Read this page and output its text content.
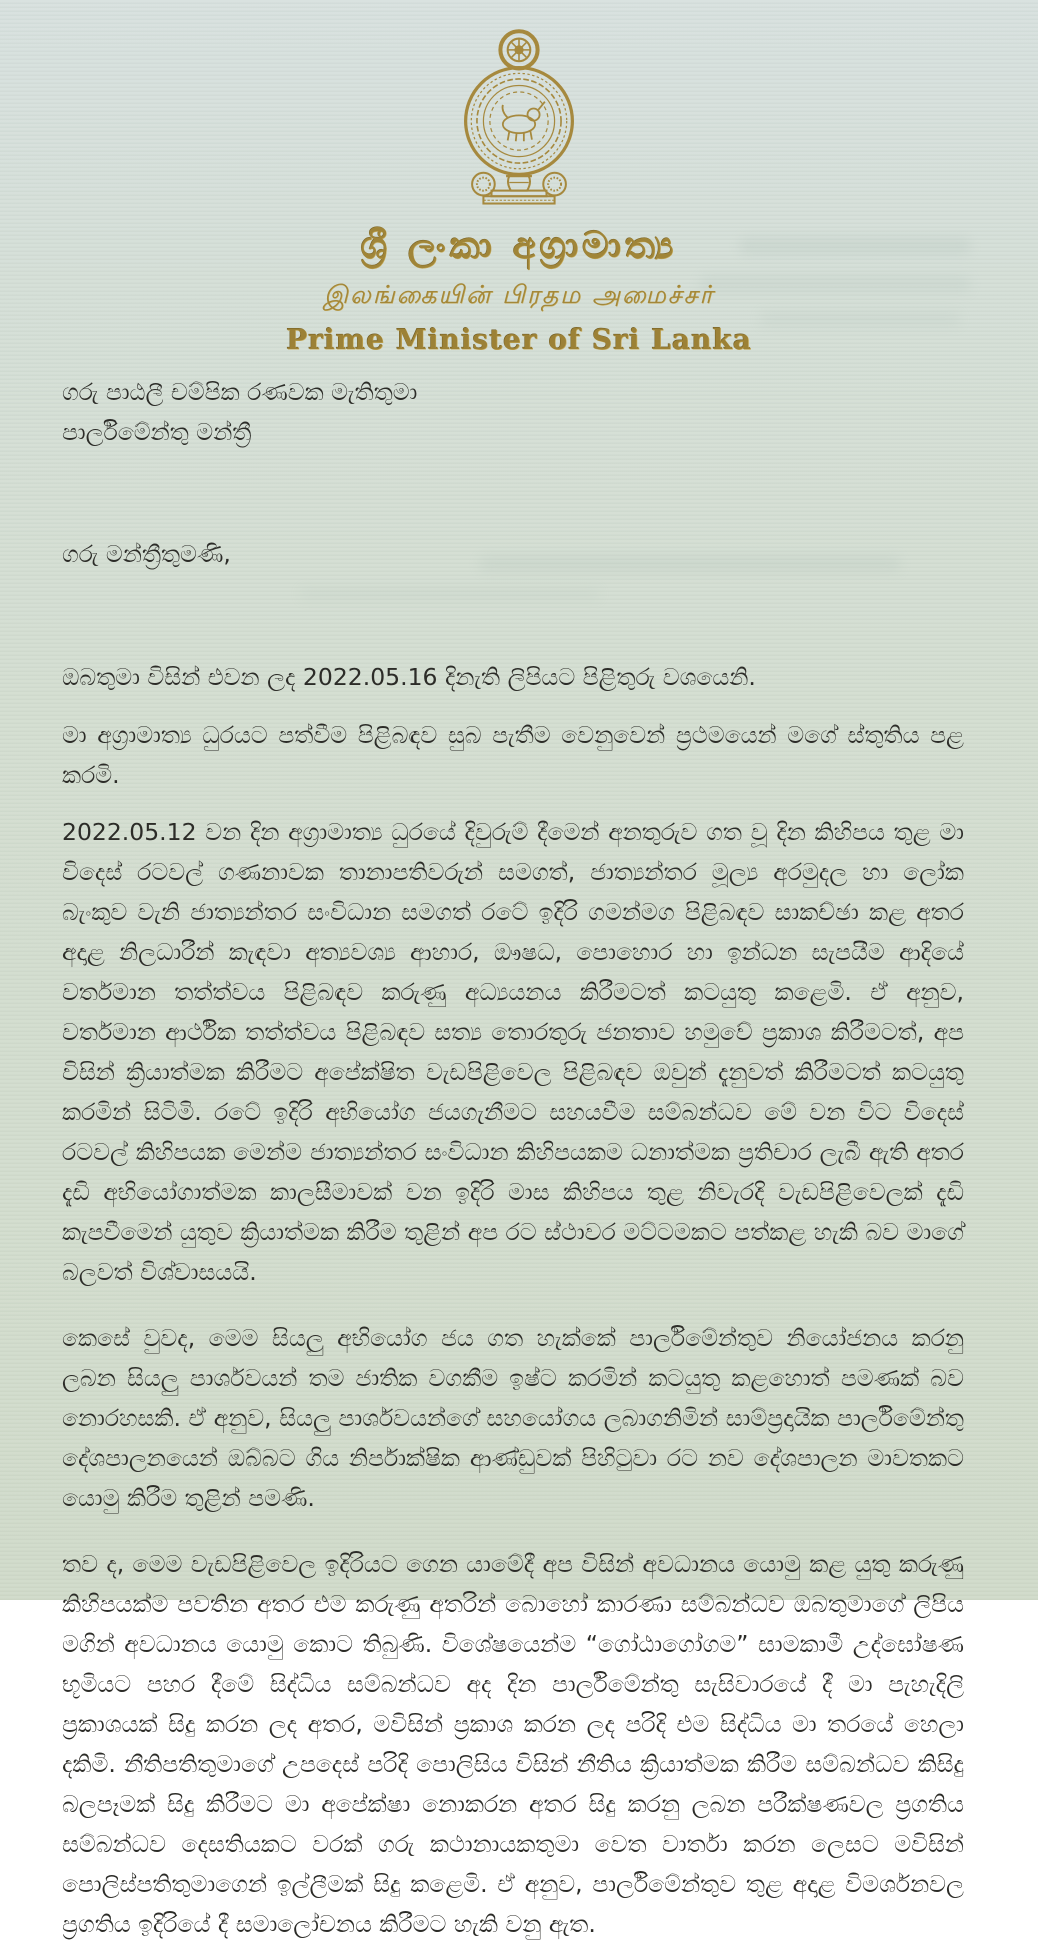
ශ්‍රී ලංකා අග්‍රාමාත්‍ය
இலங்கையின் பிரதம அமைச்சர்
Prime Minister of Sri Lanka
ගරු පාඨලී චම්පික රණවක මැතිතුමා
පාර්ලිමේන්තු මන්ත්‍රී
ගරු මන්ත්‍රීතුමණි,

ඔබතුමා විසින් එවන ලද 2022.05.16 දිනැති ලිපියට පිළිතුරු වශයෙනි.

මා අග්‍රාමාත්‍ය ධුරයට පත්වීම පිළිබඳව සුබ පැතීම වෙනුවෙන් ප්‍රථමයෙන් මගේ ස්තුතිය පළ කරමි.

2022.05.12 වන දින අග්‍රාමාත්‍ය ධුරයේ දිවුරුම් දීමෙන් අනතුරුව ගත වූ දින කිහිපය තුළ මා විදෙස් රටවල් ගණනාවක තානාපතිවරුන් සමගත්, ජාත්‍යන්තර මූල්‍ය අරමුදල හා ලෝක බැංකුව වැනි ජාත්‍යන්තර සංවිධාන සමගත් රටේ ඉදිරි ගමන්මග පිළිබඳව සාකච්ඡා කළ අතර අදාළ නිලධාරීන් කැඳවා අත්‍යවශ්‍ය ආහාර, ඖෂධ, පොහොර හා ඉන්ධන සැපයීම ආදියේ වර්තමාන තත්ත්වය පිළිබඳව කරුණු අධ්‍යයනය කිරීමටත් කටයුතු කළෙමි. ඒ අනුව, වර්තමාන ආර්ථික තත්ත්වය පිළිබඳව සත්‍ය තොරතුරු ජනතාව හමුවේ ප්‍රකාශ කිරීමටත්, අප විසින් ක්‍රියාත්මක කිරීමට අපේක්ෂිත වැඩපිළිවෙල පිළිබඳව ඔවුන් දැනුවත් කිරීමටත් කටයුතු කරමින් සිටිමි. රටේ ඉදිරි අභියෝග ජයගැනීමට සහයවීම සම්බන්ධව මේ වන විට විදෙස් රටවල් කිහිපයක මෙන්ම ජාත්‍යන්තර සංවිධාන කිහිපයකම ධනාත්මක ප්‍රතිචාර ලැබී ඇති අතර දැඩි අභියෝගාත්මක කාලසීමාවක් වන ඉදිරි මාස කිහිපය තුළ නිවැරදි වැඩපිළිවෙලක් දැඩි කැපවීමෙන් යුතුව ක්‍රියාත්මක කිරීම තුළින් අප රට ස්ථාවර මට්ටමකට පත්කළ හැකි බව මාගේ බලවත් විශ්වාසයයි.

කෙසේ වුවද, මෙම සියලු අභියෝග ජය ගත හැක්කේ පාර්ලිමේන්තුව නියෝජනය කරනු ලබන සියලු පාර්ශවයන් තම ජාතික වගකීම ඉෂ්ට කරමින් කටයුතු කළහොත් පමණක් බව නොරහසකි. ඒ අනුව, සියලු පාර්ශවයන්ගේ සහයෝගය ලබාගනිමින් සාම්ප්‍රදායික පාර්ලිමේන්තු දේශපාලනයෙන් ඔබ්බට ගිය නිර්පාක්ෂික ආණ්ඩුවක් පිහිටුවා රට නව දේශපාලන මාවතකට යොමු කිරීම තුළින් පමණි.

තව ද, මෙම වැඩපිළිවෙල ඉදිරියට ගෙන යාමේදී අප විසින් අවධානය යොමු කළ යුතු කරුණු කිහිපයක්ම පවතින අතර එම කරුණු අතරින් බොහෝ කාරණා සම්බන්ධව ඔබතුමාගේ ලිපිය මගින් අවධානය යොමු කොට තිබුණි. විශේෂයෙන්ම “ගෝඨාගෝගම” සාමකාමී උද්ඝෝෂණ භූමියට පහර දීමේ සිද්ධිය සම්බන්ධව අද දින පාර්ලිමේන්තු සැසිවාරයේ දී මා පැහැදිලි ප්‍රකාශයක් සිදු කරන ලද අතර, මවිසින් ප්‍රකාශ කරන ලද පරිදි එම සිද්ධිය මා තරයේ හෙලා දකිමි. නීතිපතිතුමාගේ උපදෙස් පරිදි පොලිසිය විසින් නීතිය ක්‍රියාත්මක කිරීම සම්බන්ධව කිසිදු බලපෑමක් සිදු කිරීමට මා අපේක්ෂා නොකරන අතර සිදු කරනු ලබන පරීක්ෂණවල ප්‍රගතිය සම්බන්ධව දෙසතියකට වරක් ගරු කථානායකතුමා වෙත වාර්තා කරන ලෙසට මවිසින් පොලිස්පතිතුමාගෙන් ඉල්ලීමක් සිදු කළෙමි. ඒ අනුව, පාර්ලිමේන්තුව තුළ අදාළ විමර්ශනවල ප්‍රගතිය ඉදිරියේ දී සමාලෝචනය කිරීමට හැකි වනු ඇත.
